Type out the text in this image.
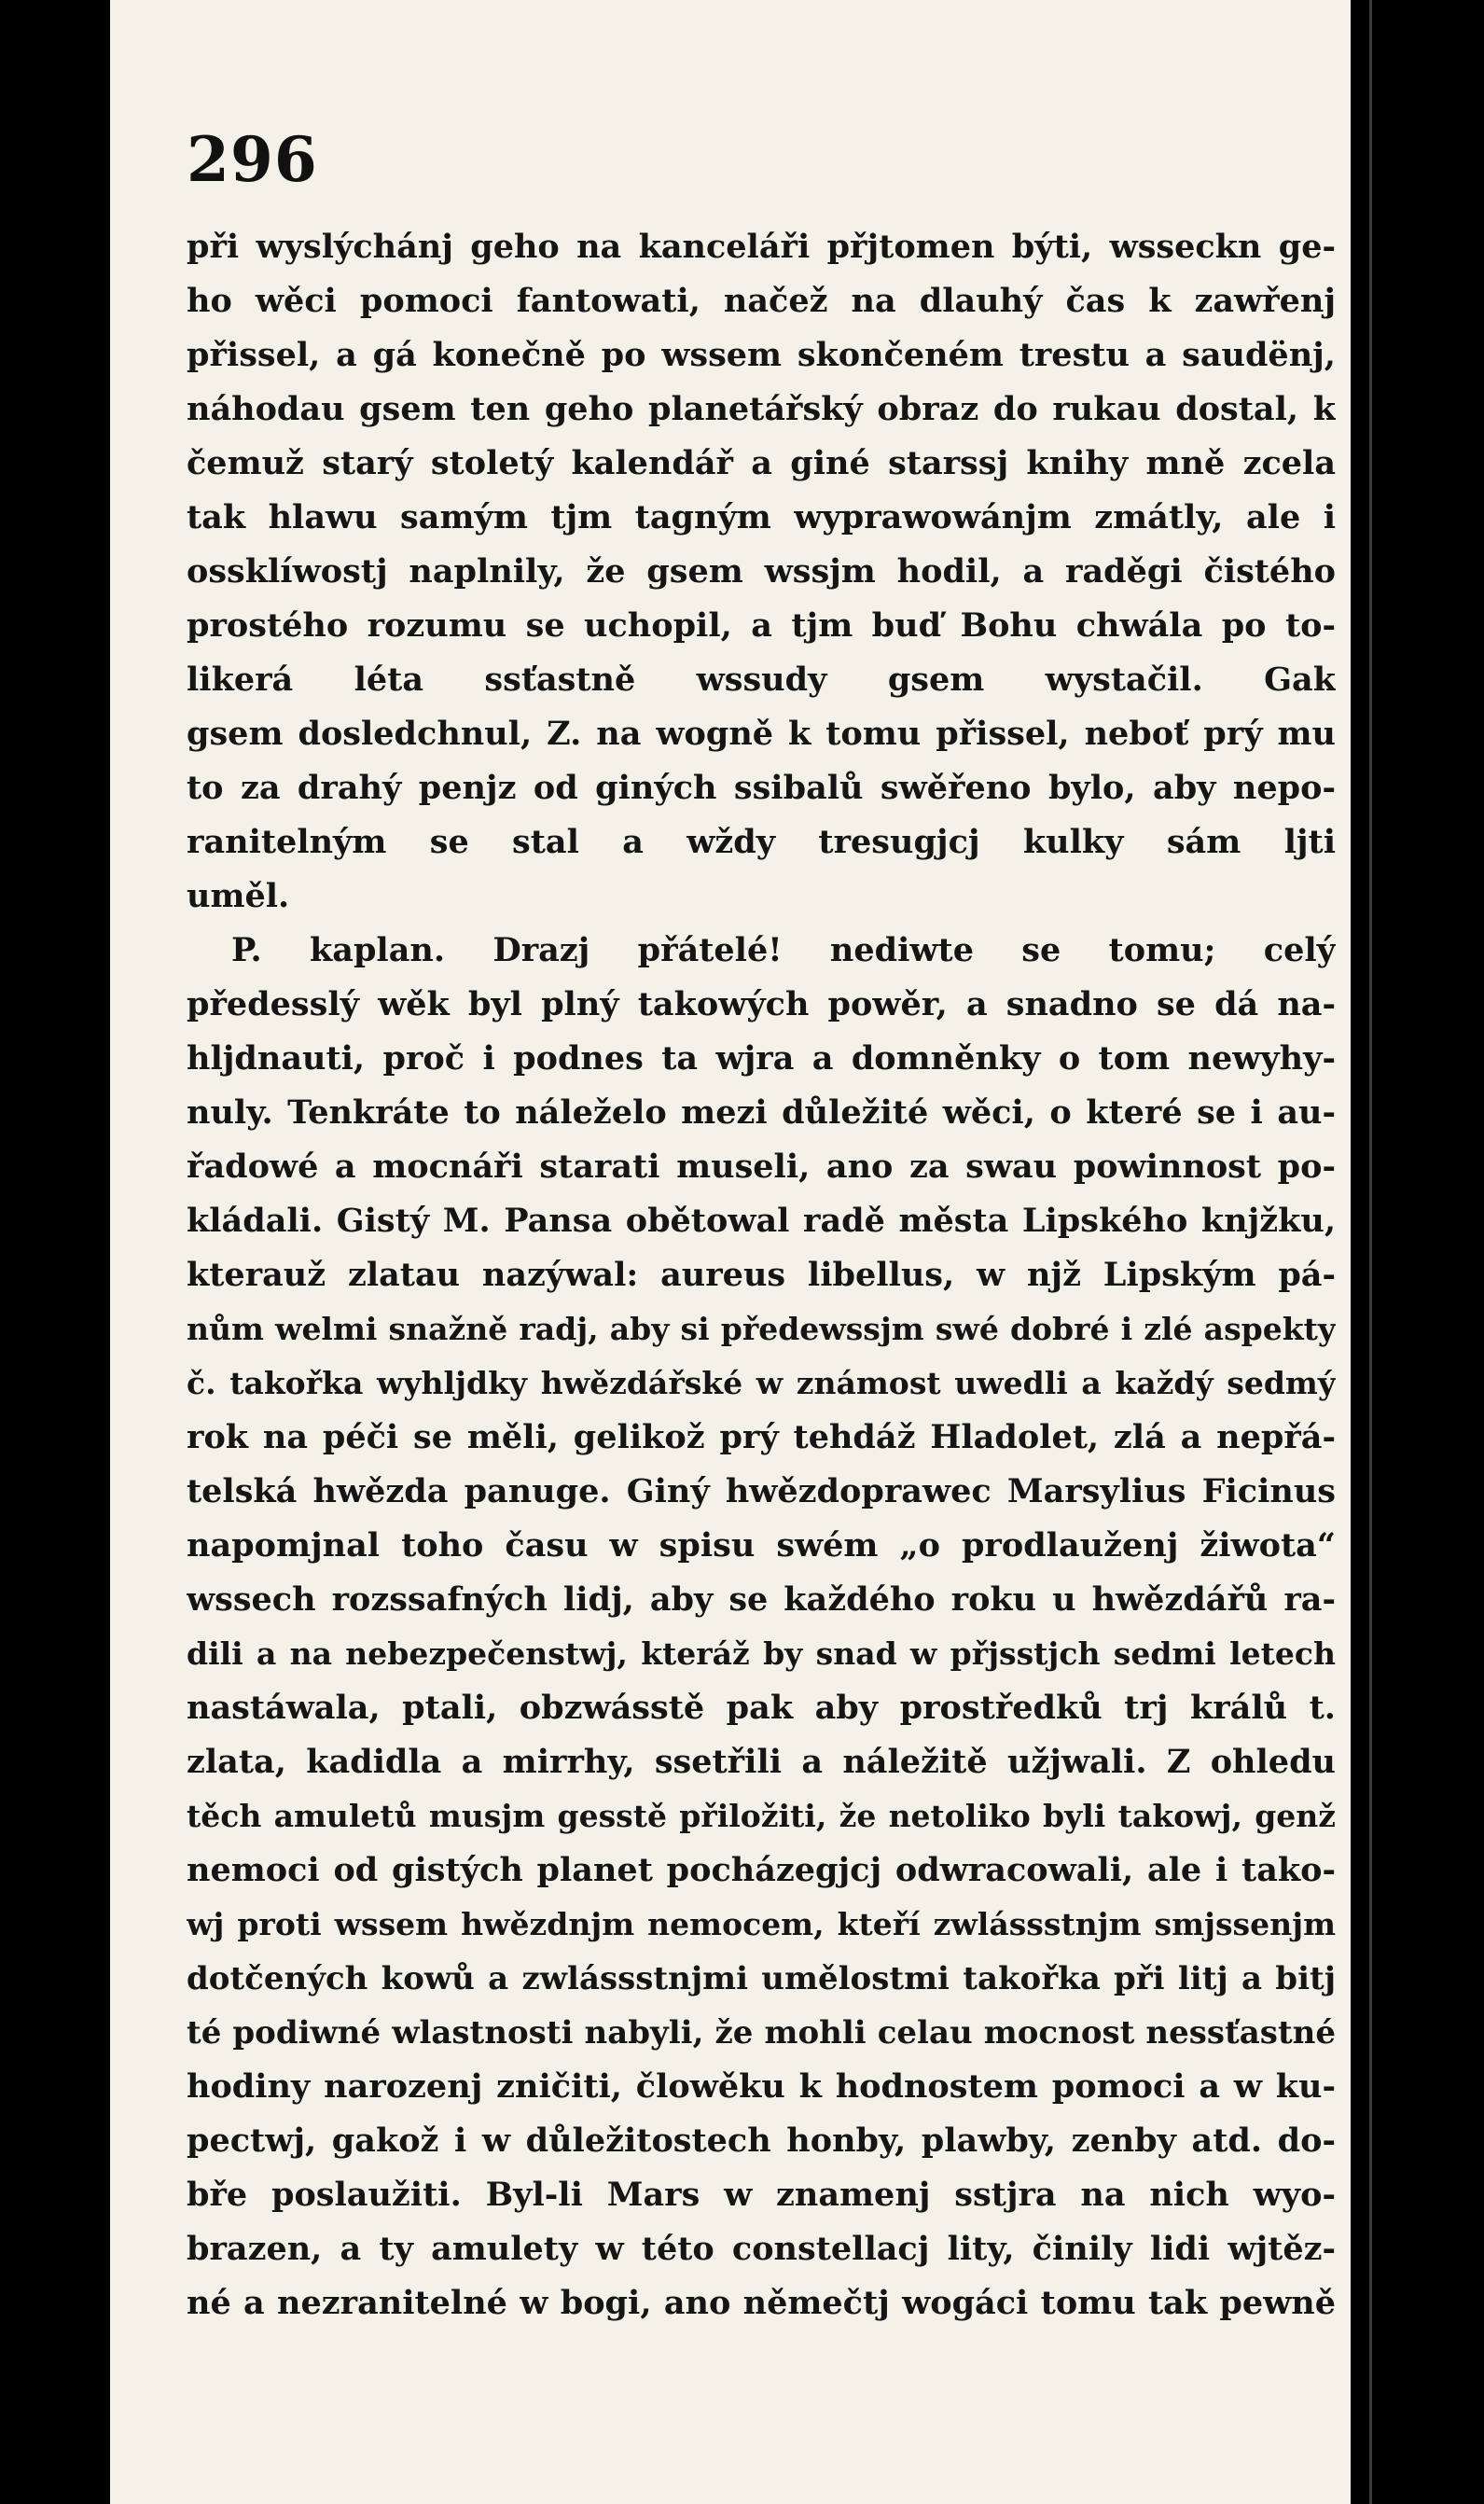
296
při wyslýchánj geho na kanceláři přjtomen býti, wsseckn ge-
ho wěci pomoci fantowati, načež na dlauhý čas k zawřenj
přissel, a gá konečně po wssem skončeném trestu a saudënj,
náhodau gsem ten geho planetářský obraz do rukau dostal, k
čemuž starý stoletý kalendář a giné starssj knihy mně zcela
tak hlawu samým tjm tagným wyprawowánjm zmátly, ale i
ossklíwostj naplnily, že gsem wssjm hodil, a raděgi čistého
prostého rozumu se uchopil, a tjm buď Bohu chwála po to-
likerá léta ssťastně wssudy gsem wystačil. Gak
gsem dosledchnul, Z. na wogně k tomu přissel, neboť prý mu
to za drahý penjz od giných ssibalů swěřeno bylo, aby nepo-
ranitelným se stal a wždy tresugjcj kulky sám ljti
uměl.
P. kaplan. Drazj přátelé! nediwte se tomu; celý
předesslý wěk byl plný takowých powěr, a snadno se dá na-
hljdnauti, proč i podnes ta wjra a domněnky o tom newyhy-
nuly. Tenkráte to náleželo mezi důležité wěci, o které se i au-
řadowé a mocnáři starati museli, ano za swau powinnost po-
kládali. Gistý M. Pansa obětowal radě města Lipského knjžku,
kterauž zlatau nazýwal: aureus libellus, w njž Lipským pá-
nům welmi snažně radj, aby si předewssjm swé dobré i zlé aspekty
č. takořka wyhljdky hwězdářské w známost uwedli a každý sedmý
rok na péči se měli, gelikož prý tehdáž Hladolet, zlá a nepřá-
telská hwězda panuge. Giný hwězdoprawec Marsylius Ficinus
napomjnal toho času w spisu swém „o prodlauženj žiwota“
wssech rozssafných lidj, aby se každého roku u hwězdářů ra-
dili a na nebezpečenstwj, kteráž by snad w přjsstjch sedmi letech
nastáwala, ptali, obzwásstě pak aby prostředků trj králů t.
zlata, kadidla a mirrhy, ssetřili a náležitě užjwali. Z ohledu
těch amuletů musjm gesstě přiložiti, že netoliko byli takowj, genž
nemoci od gistých planet pocházegjcj odwracowali, ale i tako-
wj proti wssem hwězdnjm nemocem, kteří zwlássstnjm smjssenjm
dotčených kowů a zwlássstnjmi umělostmi takořka při litj a bitj
té podiwné wlastnosti nabyli, že mohli celau mocnost nessťastné
hodiny narozenj zničiti, člowěku k hodnostem pomoci a w ku-
pectwj, gakož i w důležitostech honby, plawby, zenby atd. do-
bře poslaužiti. Byl-li Mars w znamenj sstjra na nich wyo-
brazen, a ty amulety w této constellacj lity, činily lidi wjtěz-
né a nezranitelné w bogi, ano němečtj wogáci tomu tak pewně
